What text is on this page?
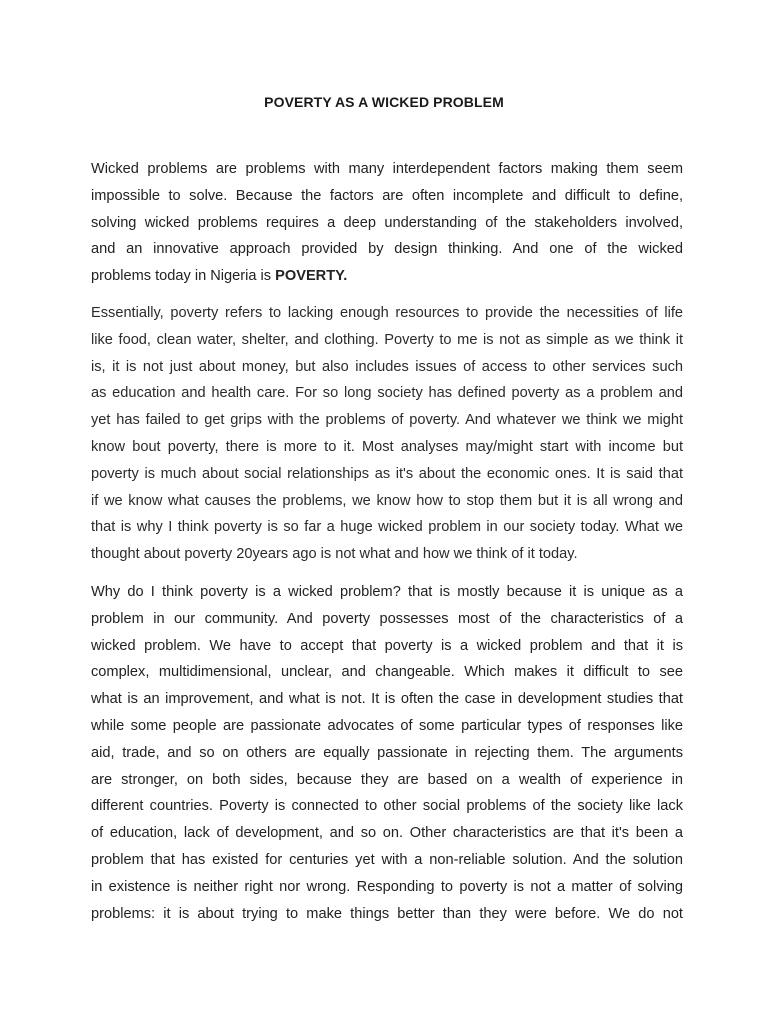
POVERTY AS A WICKED PROBLEM
Wicked problems are problems with many interdependent factors making them seem
impossible to solve. Because the factors are often incomplete and difficult to define,
solving wicked problems requires a deep understanding of the stakeholders involved,
and an innovative approach provided by design thinking. And one of the wicked
problems today in Nigeria is POVERTY.
Essentially, poverty refers to lacking enough resources to provide the necessities of life
like food, clean water, shelter, and clothing. Poverty to me is not as simple as we think it
is, it is not just about money, but also includes issues of access to other services such
as education and health care. For so long society has defined poverty as a problem and
yet has failed to get grips with the problems of poverty. And whatever we think we might
know bout poverty, there is more to it. Most analyses may/might start with income but
poverty is much about social relationships as it's about the economic ones. It is said that
if we know what causes the problems, we know how to stop them but it is all wrong and
that is why I think poverty is so far a huge wicked problem in our society today. What we
thought about poverty 20years ago is not what and how we think of it today.
Why do I think poverty is a wicked problem? that is mostly because it is unique as a
problem in our community. And poverty possesses most of the characteristics of a
wicked problem. We have to accept that poverty is a wicked problem and that it is
complex, multidimensional, unclear, and changeable. Which makes it difficult to see
what is an improvement, and what is not. It is often the case in development studies that
while some people are passionate advocates of some particular types of responses like
aid, trade, and so on others are equally passionate in rejecting them. The arguments
are stronger, on both sides, because they are based on a wealth of experience in
different countries. Poverty is connected to other social problems of the society like lack
of education, lack of development, and so on. Other characteristics are that it's been a
problem that has existed for centuries yet with a non-reliable solution. And the solution
in existence is neither right nor wrong. Responding to poverty is not a matter of solving
problems: it is about trying to make things better than they were before. We do not
